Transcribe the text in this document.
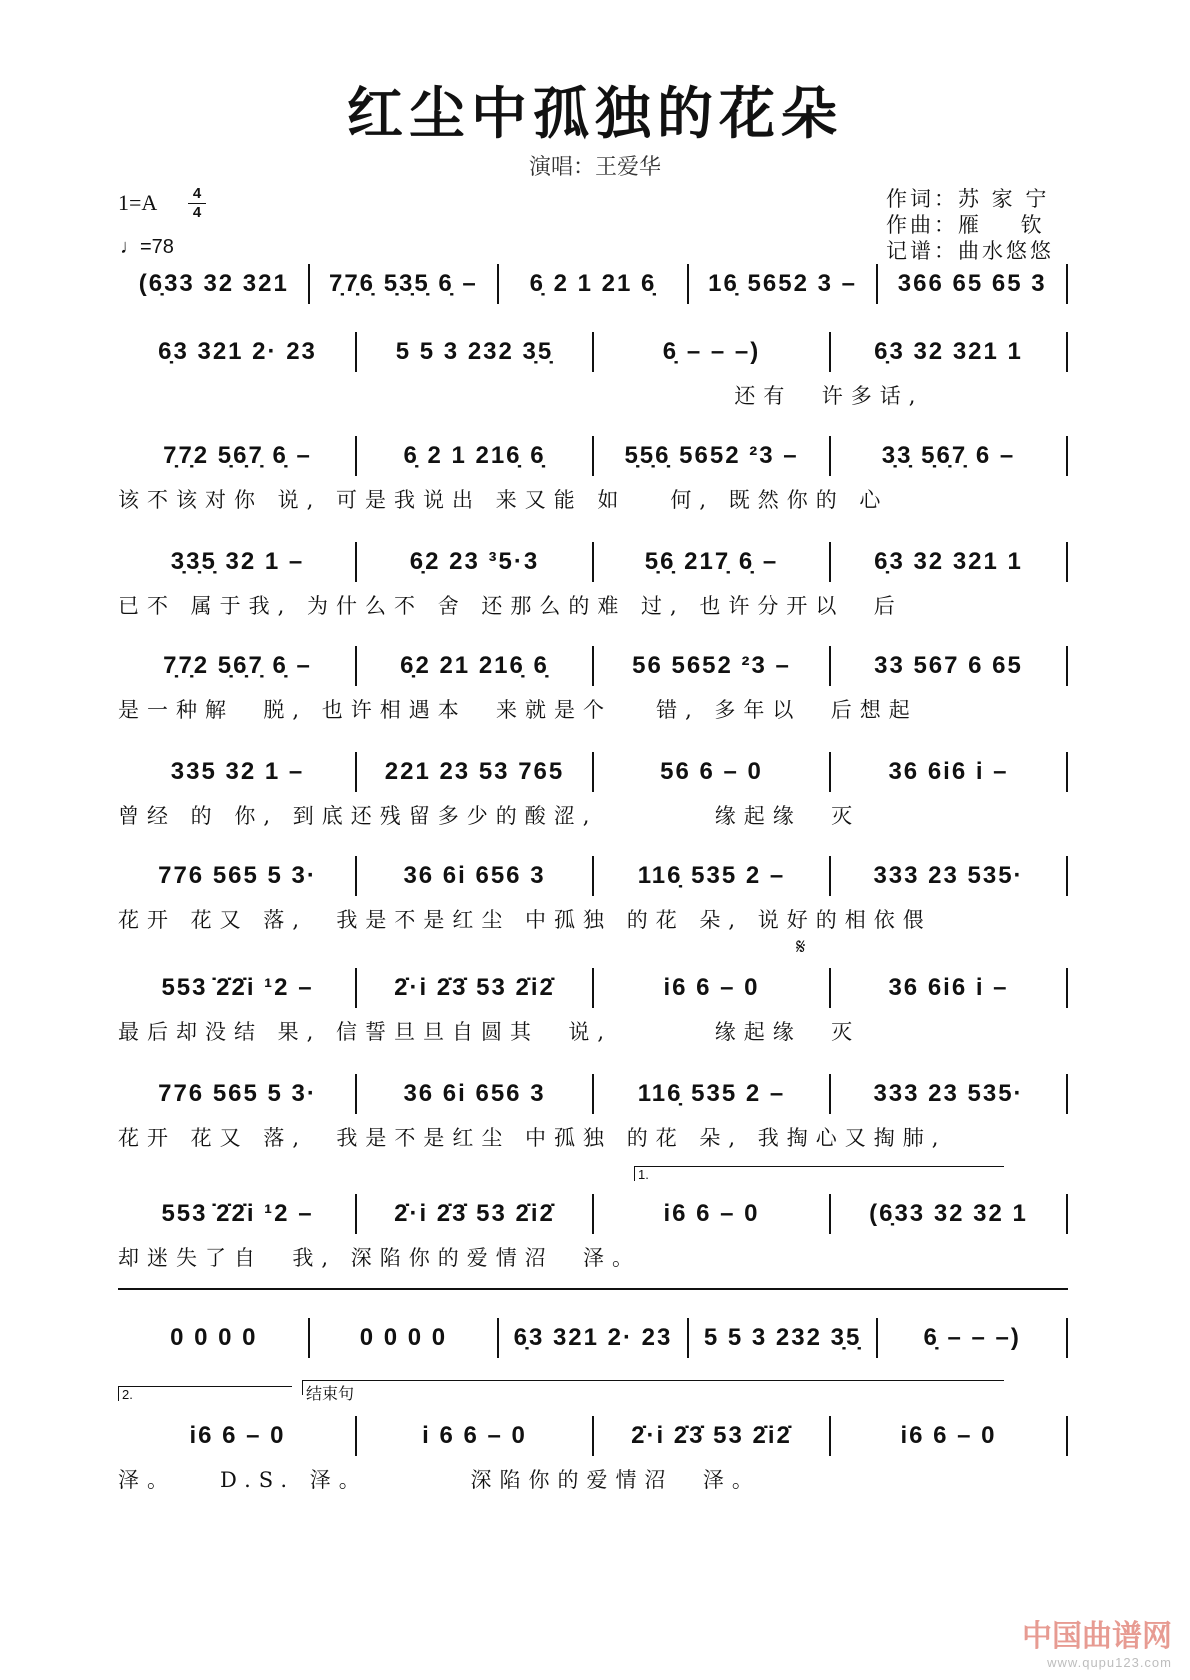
红尘中孤独的花朵
演唱：王爱华
1=A	4
4
♩=78
作词：苏 家 宁
作曲：雁    钦
记谱：曲水悠悠
(6̣33 32 321	7̣7̣6̣ 5̣3̣5̣ 6̣ –	6̣ 2 1 21 6̣	16̣ 5652 3 –	366 65 65 3
6̣3 321 2· 23	5 5 3 232 3̣5̣	6̣ – – –)	6̣3 32 321 1
还有  许多话,
7̣7̣2 5̣6̣7̣ 6̣ –	6̣ 2 1 216̣ 6̣	5̣5̣6̣ 5652 ²3 –	3̣3̣ 5̣6̣7̣ 6 –
该不该对你 说, 可是我说出 来又能 如   何, 既然你的 心
3̣3̣5̣ 32 1 –	6̣2 23 ³5·3	5̣6̣ 217̣ 6̣ –	6̣3 32 321 1
已不 属于我, 为什么不 舍 还那么的难 过, 也许分开以  后
7̣7̣2 5̣6̣7̣ 6̣ –	6̣2 21 216̣ 6̣	56 5652 ²3 –	33 567 6 65
是一种解  脱, 也许相遇本  来就是个   错, 多年以  后想起
335 32 1 –	221 23 53 765	56 6 – 0	36 6i6 i –
曾经 的 你, 到底还残留多少的酸涩,        缘起缘  灭
776 565 5 3·	36 6i 656 3	116̣ 535 2 –	333 23 535·
花开 花又 落,  我是不是红尘 中孤独 的花 朵, 说好的相依偎
553 ̇2̇2̇i ¹2 –	2̇·i 2̇3̇ 53 2̇i2̇	i6 6 – 0	36 6i6 i –
最后却没结 果, 信誓旦旦自圆其  说,       缘起缘  灭
776 565 5 3·	36 6i 656 3	116̣ 535 2 –	333 23 535·
花开 花又 落,  我是不是红尘 中孤独 的花 朵, 我掏心又掏肺,
553 ̇2̇2̇i ¹2 –	2̇·i 2̇3̇ 53 2̇i2̇	i6 6 – 0	(6̣33 32 32 1
却迷失了自  我, 深陷你的爱情沼  泽。
0 0 0 0	0 0 0 0	6̣3 321 2· 23	5 5 3 232 3̣5̣	6̣ – – –)
i6 6 – 0	i 6 6 – 0	2̇·i 2̇3̇ 53 2̇i2̇	i6 6 – 0
泽。   D.S. 泽。       深陷你的爱情沼  泽。
𝄋
1.
2.	结束句
中国曲谱网
www.qupu123.com
